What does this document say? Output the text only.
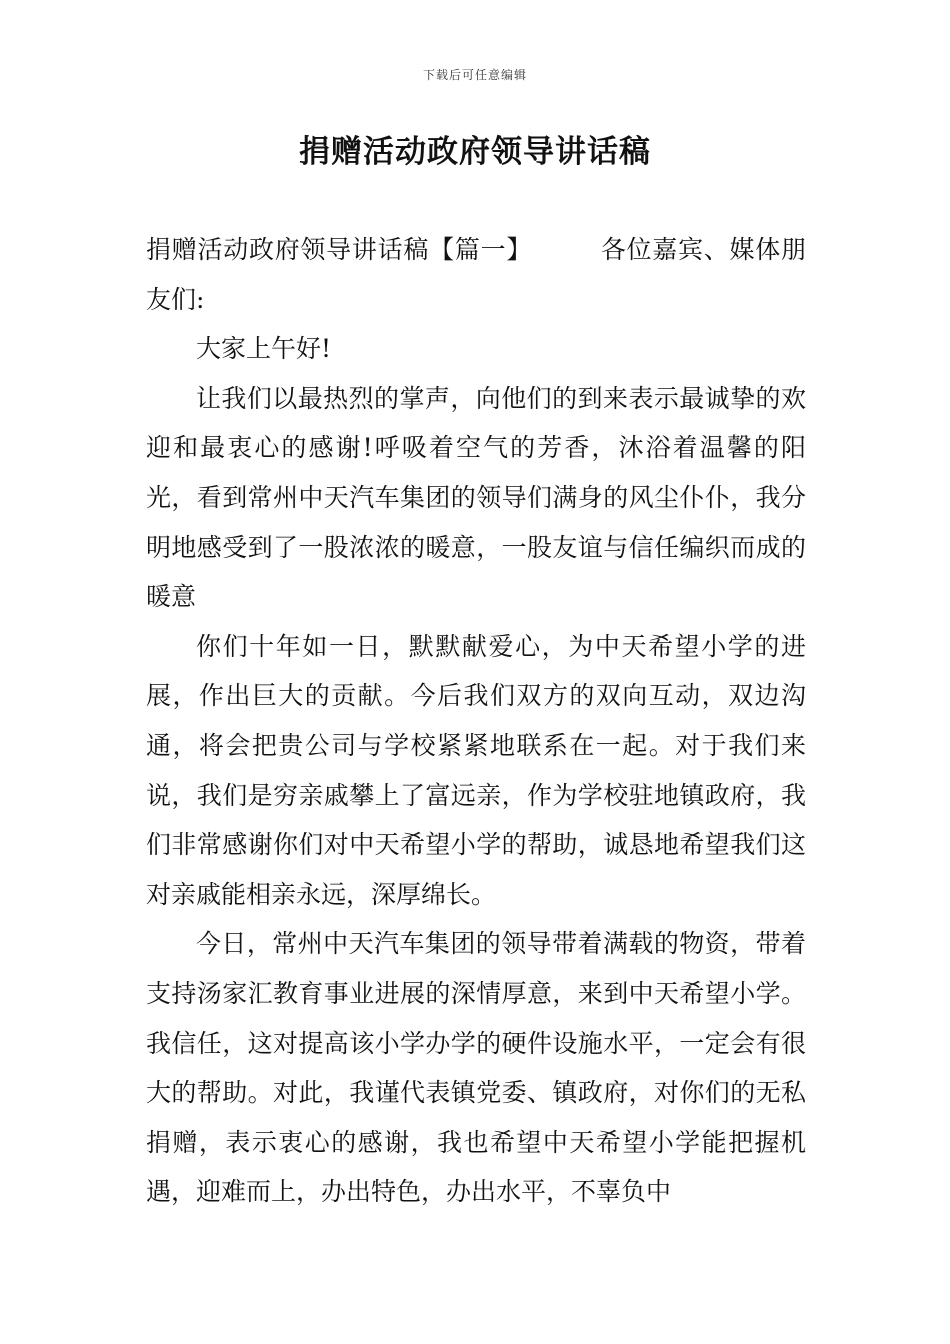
下载后可任意编辑
捐赠活动政府领导讲话稿

捐赠活动政府领导讲话稿【篇一】	各位嘉宾、媒体朋友们:

大家上午好!

让我们以最热烈的掌声，向他们的到来表示最诚挚的欢迎和最衷心的感谢!呼吸着空气的芳香，沐浴着温馨的阳光，看到常州中天汽车集团的领导们满身的风尘仆仆，我分明地感受到了一股浓浓的暖意，一股友谊与信任编织而成的暖意

你们十年如一日，默默献爱心，为中天希望小学的进展，作出巨大的贡献。今后我们双方的双向互动，双边沟通，将会把贵公司与学校紧紧地联系在一起。对于我们来说，我们是穷亲戚攀上了富远亲，作为学校驻地镇政府，我们非常感谢你们对中天希望小学的帮助，诚恳地希望我们这对亲戚能相亲永远，深厚绵长。

今日，常州中天汽车集团的领导带着满载的物资，带着支持汤家汇教育事业进展的深情厚意，来到中天希望小学。我信任，这对提高该小学办学的硬件设施水平，一定会有很大的帮助。对此，我谨代表镇党委、镇政府，对你们的无私捐赠，表示衷心的感谢，我也希望中天希望小学能把握机遇，迎难而上，办出特色，办出水平，不辜负中
